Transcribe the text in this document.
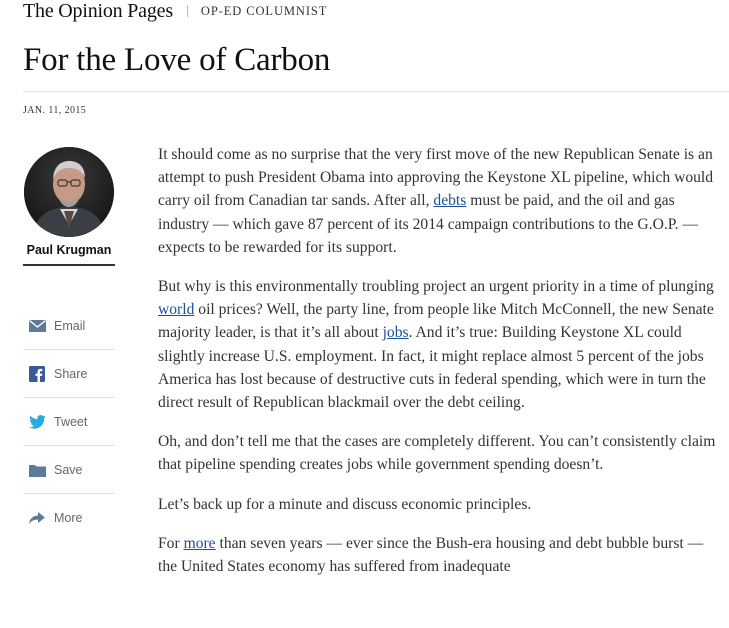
The Opinion Pages OP-ED COLUMNIST
For the Love of Carbon
JAN. 11, 2015
Paul Krugman
Email
Share
Tweet
Save
More

It should come as no surprise that the very first move of the new Republican Senate is an attempt to push President Obama into approving the Keystone XL pipeline, which would carry oil from Canadian tar sands. After all, debts must be paid, and the oil and gas industry — which gave 87 percent of its 2014 campaign contributions to the G.O.P. — expects to be rewarded for its support.

But why is this environmentally troubling project an urgent priority in a time of plunging world oil prices? Well, the party line, from people like Mitch McConnell, the new Senate majority leader, is that it’s all about jobs. And it’s true: Building Keystone XL could slightly increase U.S. employment. In fact, it might replace almost 5 percent of the jobs America has lost because of destructive cuts in federal spending, which were in turn the direct result of Republican blackmail over the debt ceiling.

Oh, and don’t tell me that the cases are completely different. You can’t consistently claim that pipeline spending creates jobs while government spending doesn’t.

Let’s back up for a minute and discuss economic principles.

For more than seven years — ever since the Bush-era housing and debt bubble burst — the United States economy has suffered from inadequate
